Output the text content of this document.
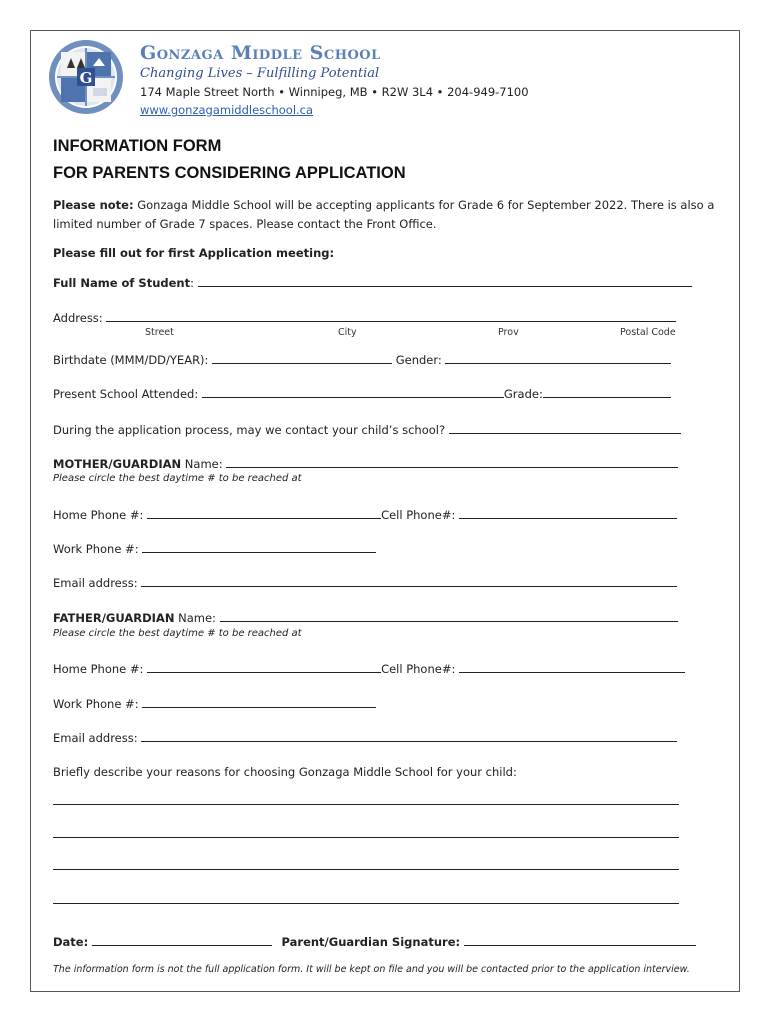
G
Gonzaga Middle School
Changing Lives – Fulfilling Potential
174 Maple Street North • Winnipeg, MB • R2W 3L4 • 204-949-7100
www.gonzagamiddleschool.ca
INFORMATION FORM
FOR PARENTS CONSIDERING APPLICATION
Please note: Gonzaga Middle School will be accepting applicants for Grade 6 for September 2022. There is also a
limited number of Grade 7 spaces. Please contact the Front Office.
Please fill out for first Application meeting:
Full Name of Student:
Address:
Street	City	Prov	Postal Code
Birthdate (MMM/DD/YEAR):	Gender:
Present School Attended:	Grade:
During the application process, may we contact your child’s school?
MOTHER/GUARDIAN Name:
Please circle the best daytime # to be reached at
Home Phone #:	Cell Phone#:
Work Phone #:
Email address:
FATHER/GUARDIAN Name:
Please circle the best daytime # to be reached at
Home Phone #:	Cell Phone#:
Work Phone #:
Email address:
Briefly describe your reasons for choosing Gonzaga Middle School for your child:
Date:	Parent/Guardian Signature:
The information form is not the full application form. It will be kept on file and you will be contacted prior to the application interview.
